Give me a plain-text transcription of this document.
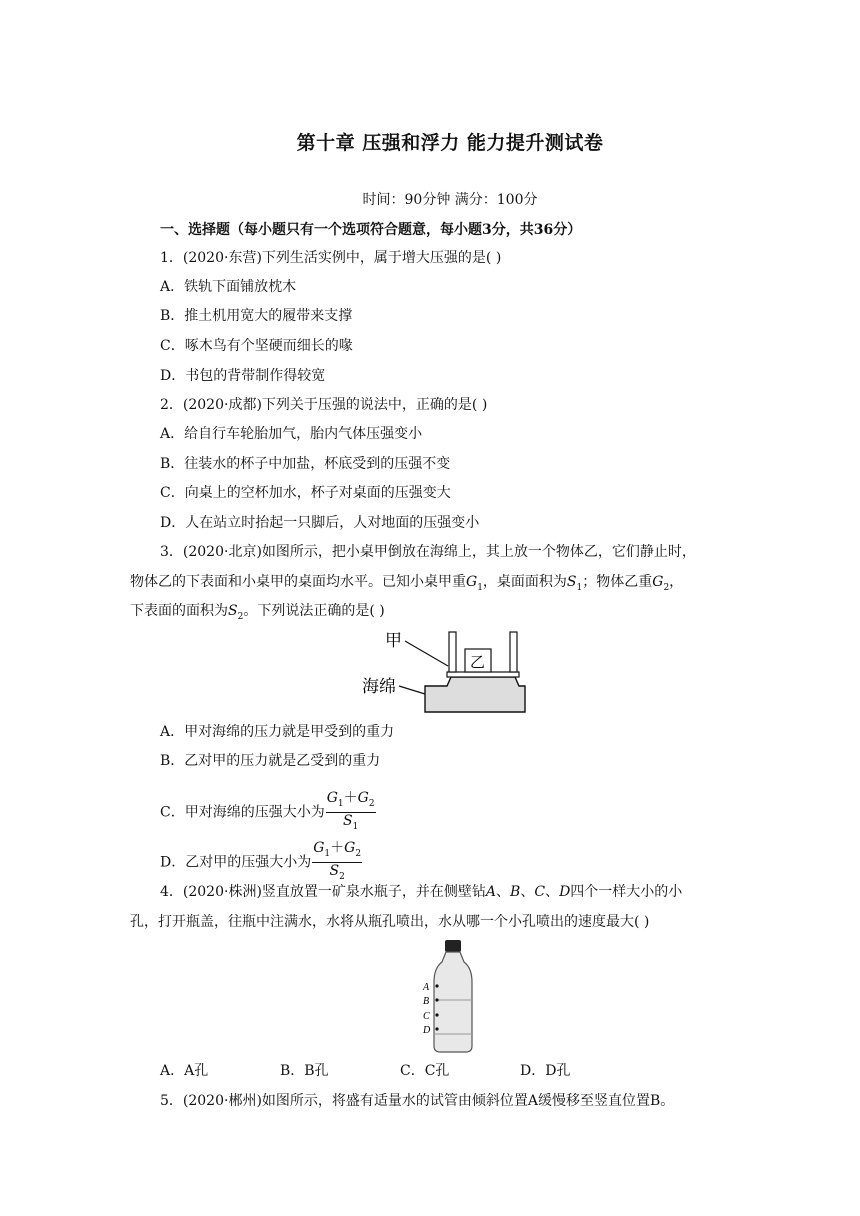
第十章 压强和浮力 能力提升测试卷
时间：90分钟 满分：100分
一、选择题（每小题只有一个选项符合题意，每小题3分，共36分）
1．(2020·东营)下列生活实例中，属于增大压强的是( )
A．铁轨下面铺放枕木
B．推土机用宽大的履带来支撑
C．啄木鸟有个坚硬而细长的喙
D．书包的背带制作得较宽
2．(2020·成都)下列关于压强的说法中，正确的是( )
A．给自行车轮胎加气，胎内气体压强变小
B．往装水的杯子中加盐，杯底受到的压强不变
C．向桌上的空杯加水，杯子对桌面的压强变大
D．人在站立时抬起一只脚后，人对地面的压强变小
3．(2020·北京)如图所示，把小桌甲倒放在海绵上，其上放一个物体乙，它们静止时，
物体乙的下表面和小桌甲的桌面均水平。已知小桌甲重$G_1$，桌面面积为$S_1$；物体乙重$G_2$，
下表面的面积为$S_2$。下列说法正确的是( )
甲
乙
海绵
A．甲对海绵的压力就是甲受到的重力
B．乙对甲的压力就是乙受到的重力
C．甲对海绵的压强大小为 $\frac{G_1+G_2}{S_1}$
D．乙对甲的压强大小为 $\frac{G_1+G_2}{S_2}$
4．(2020·株洲)竖直放置一矿泉水瓶子，并在侧壁钻A、B、C、D四个一样大小的小
孔，打开瓶盖，往瓶中注满水，水将从瓶孔喷出，水从哪一个小孔喷出的速度最大( )
A
B
C
D
A．A孔	B．B孔	C．C孔	D．D孔
5．(2020·郴州)如图所示，将盛有适量水的试管由倾斜位置A缓慢移至竖直位置B。
